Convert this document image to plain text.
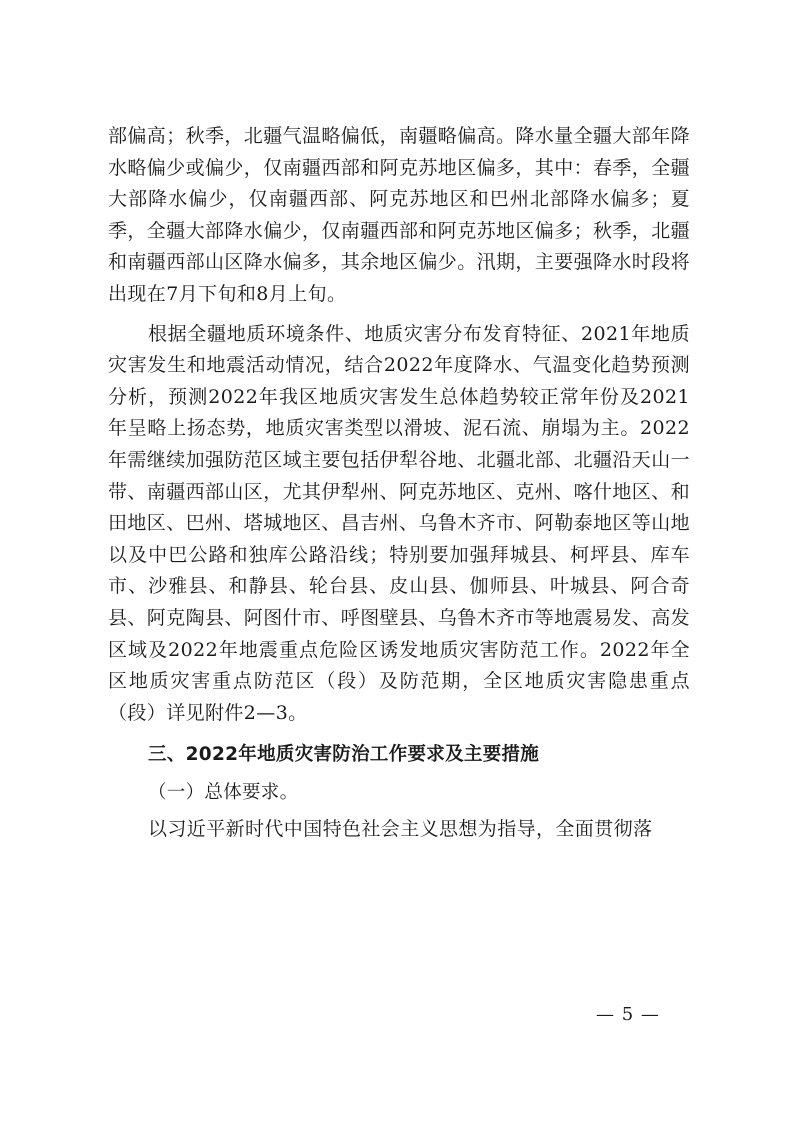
部偏高；秋季，北疆气温略偏低，南疆略偏高。降水量全疆大部年降水略偏少或偏少，仅南疆西部和阿克苏地区偏多，其中：春季，全疆大部降水偏少，仅南疆西部、阿克苏地区和巴州北部降水偏多；夏季，全疆大部降水偏少，仅南疆西部和阿克苏地区偏多；秋季，北疆和南疆西部山区降水偏多，其余地区偏少。汛期，主要强降水时段将出现在7月下旬和8月上旬。

根据全疆地质环境条件、地质灾害分布发育特征、2021年地质灾害发生和地震活动情况，结合2022年度降水、气温变化趋势预测分析，预测2022年我区地质灾害发生总体趋势较正常年份及2021年呈略上扬态势，地质灾害类型以滑坡、泥石流、崩塌为主。2022年需继续加强防范区域主要包括伊犁谷地、北疆北部、北疆沿天山一带、南疆西部山区，尤其伊犁州、阿克苏地区、克州、喀什地区、和田地区、巴州、塔城地区、昌吉州、乌鲁木齐市、阿勒泰地区等山地以及中巴公路和独库公路沿线；特别要加强拜城县、柯坪县、库车市、沙雅县、和静县、轮台县、皮山县、伽师县、叶城县、阿合奇县、阿克陶县、阿图什市、呼图壁县、乌鲁木齐市等地震易发、高发区域及2022年地震重点危险区诱发地质灾害防范工作。2022年全区地质灾害重点防范区（段）及防范期，全区地质灾害隐患重点（段）详见附件2—3。

三、2022年地质灾害防治工作要求及主要措施

（一）总体要求。

以习近平新时代中国特色社会主义思想为指导，全面贯彻落

— 5 —
